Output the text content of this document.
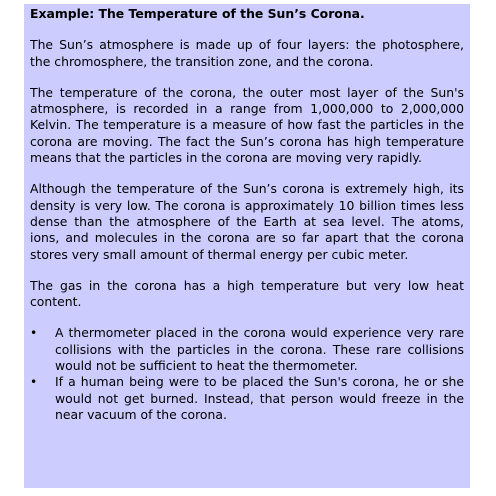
Example: The Temperature of the Sun’s Corona.

The Sun’s atmosphere is made up of four layers: the photosphere, the chromosphere, the transition zone, and the corona.

The temperature of the corona, the outer most layer of the Sun's atmosphere, is recorded in a range from 1,000,000 to 2,000,000 Kelvin. The temperature is a measure of how fast the particles in the corona are moving. The fact the Sun’s corona has high temperature means that the particles in the corona are moving very rapidly.

Although the temperature of the Sun’s corona is extremely high, its density is very low. The corona is approximately 10 billion times less dense than the atmosphere of the Earth at sea level. The atoms, ions, and molecules in the corona are so far apart that the corona stores very small amount of thermal energy per cubic meter.

The gas in the corona has a high temperature but very low heat content.

• A thermometer placed in the corona would experience very rare collisions with the particles in the corona. These rare collisions would not be sufficient to heat the thermometer.
• If a human being were to be placed the Sun's corona, he or she would not get burned. Instead, that person would freeze in the near vacuum of the corona.
